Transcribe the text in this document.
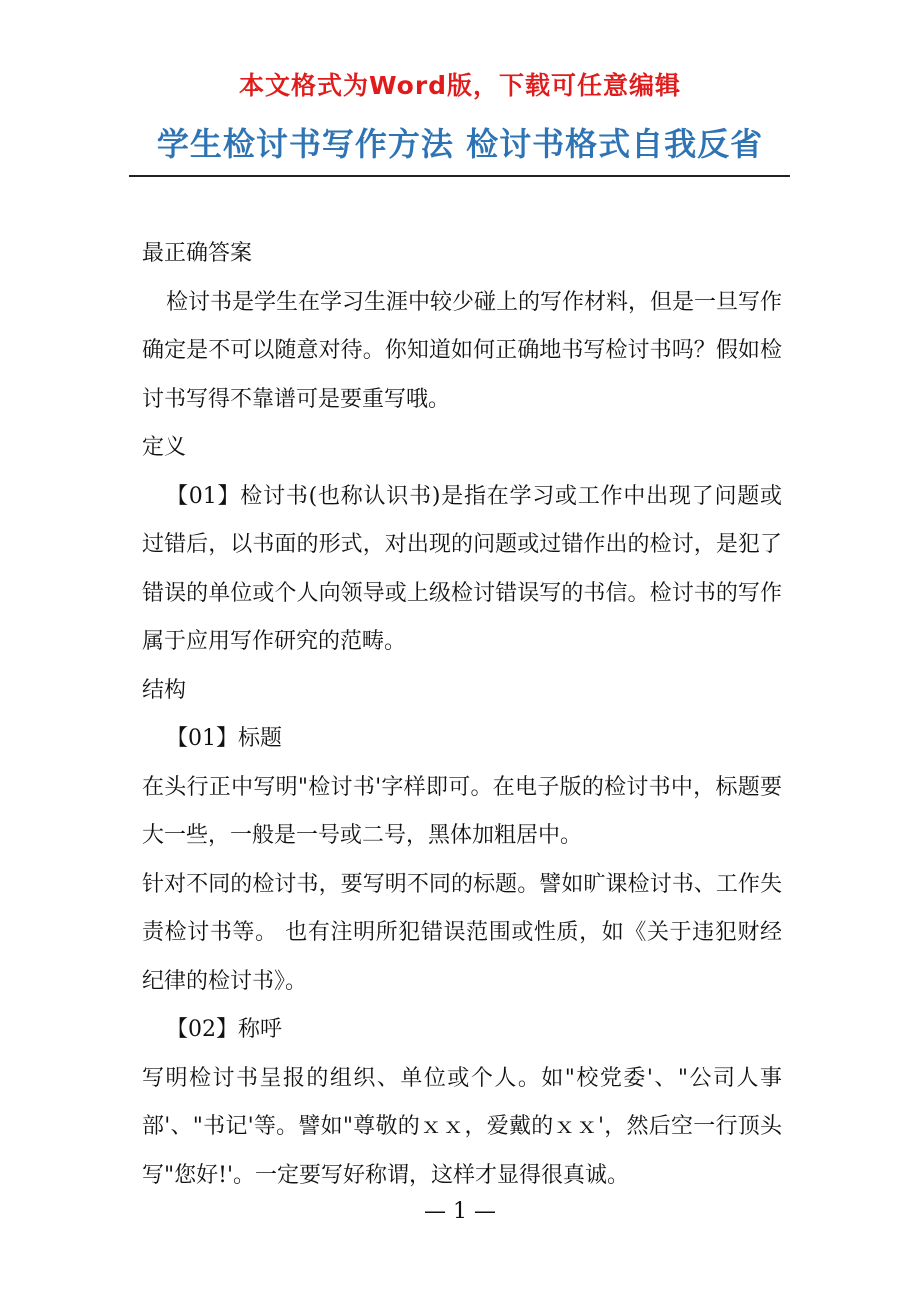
本文格式为Word版，下载可任意编辑
学生检讨书写作方法 检讨书格式自我反省

最正确答案

检讨书是学生在学习生涯中较少碰上的写作材料，但是一旦写作确定是不可以随意对待。你知道如何正确地书写检讨书吗？假如检讨书写得不靠谱可是要重写哦。

定义

【01】检讨书(也称认识书)是指在学习或工作中出现了问题或过错后，以书面的形式，对出现的问题或过错作出的检讨，是犯了错误的单位或个人向领导或上级检讨错误写的书信。检讨书的写作属于应用写作研究的范畴。

结构

【01】标题

在头行正中写明"检讨书'字样即可。在电子版的检讨书中，标题要大一些，一般是一号或二号，黑体加粗居中。

针对不同的检讨书，要写明不同的标题。譬如旷课检讨书、工作失责检讨书等。 也有注明所犯错误范围或性质，如《关于违犯财经纪律的检讨书》。

【02】称呼

写明检讨书呈报的组织、单位或个人。如"校党委'、"公司人事部'、"书记'等。譬如"尊敬的ｘｘ，爱戴的ｘｘ'，然后空一行顶头写"您好!'。一定要写好称谓，这样才显得很真诚。

— 1 —
